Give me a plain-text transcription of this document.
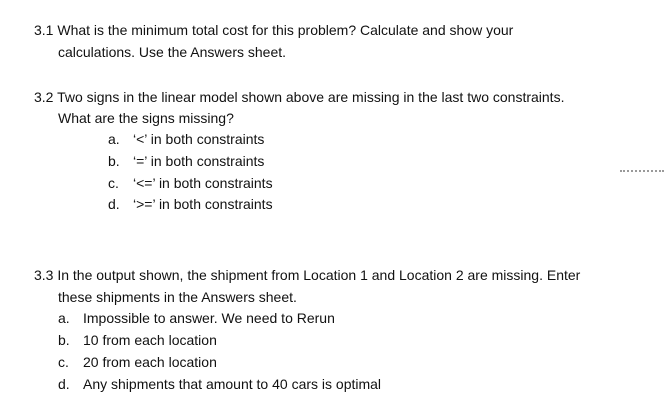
3.1 What is the minimum total cost for this problem? Calculate and show your
calculations. Use the Answers sheet.
3.2 Two signs in the linear model shown above are missing in the last two constraints.
What are the signs missing?
a. ‘<’ in both constraints
b. ‘=’ in both constraints
c. ‘<=’ in both constraints
d. ‘>=’ in both constraints
3.3 In the output shown, the shipment from Location 1 and Location 2 are missing. Enter
these shipments in the Answers sheet.
a. Impossible to answer. We need to Rerun
b. 10 from each location
c. 20 from each location
d. Any shipments that amount to 40 cars is optimal
